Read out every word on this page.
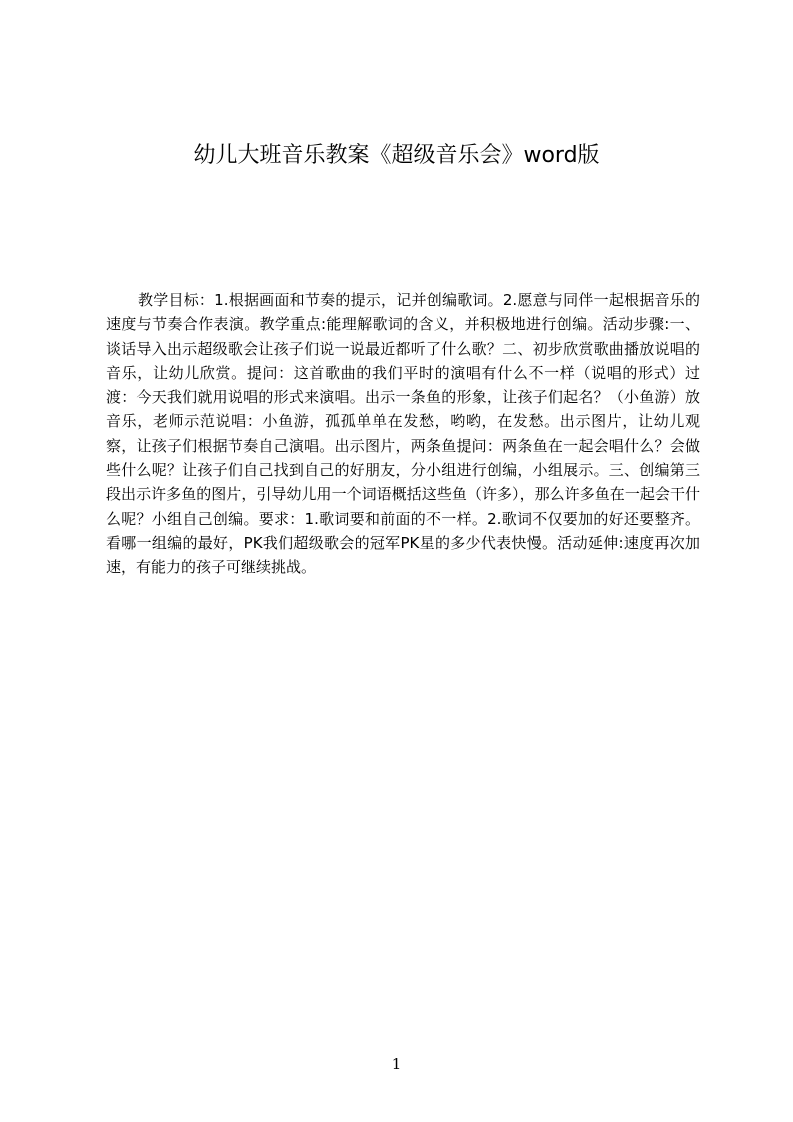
幼儿大班音乐教案《超级音乐会》word版

教学目标：1.根据画面和节奏的提示，记并创编歌词。2.愿意与同伴一起根据音乐的速度与节奏合作表演。教学重点:能理解歌词的含义，并积极地进行创编。活动步骤:一、谈话导入出示超级歌会让孩子们说一说最近都听了什么歌？二、初步欣赏歌曲播放说唱的音乐，让幼儿欣赏。提问：这首歌曲的我们平时的演唱有什么不一样（说唱的形式）过渡：今天我们就用说唱的形式来演唱。出示一条鱼的形象，让孩子们起名？（小鱼游）放音乐，老师示范说唱：小鱼游，孤孤单单在发愁，哟哟，在发愁。出示图片，让幼儿观察，让孩子们根据节奏自己演唱。出示图片，两条鱼提问：两条鱼在一起会唱什么？会做些什么呢？让孩子们自己找到自己的好朋友，分小组进行创编，小组展示。三、创编第三段出示许多鱼的图片，引导幼儿用一个词语概括这些鱼（许多），那么许多鱼在一起会干什么呢？小组自己创编。要求：1.歌词要和前面的不一样。2.歌词不仅要加的好还要整齐。看哪一组编的最好，PK我们超级歌会的冠军PK星的多少代表快慢。活动延伸:速度再次加速，有能力的孩子可继续挑战。

1
